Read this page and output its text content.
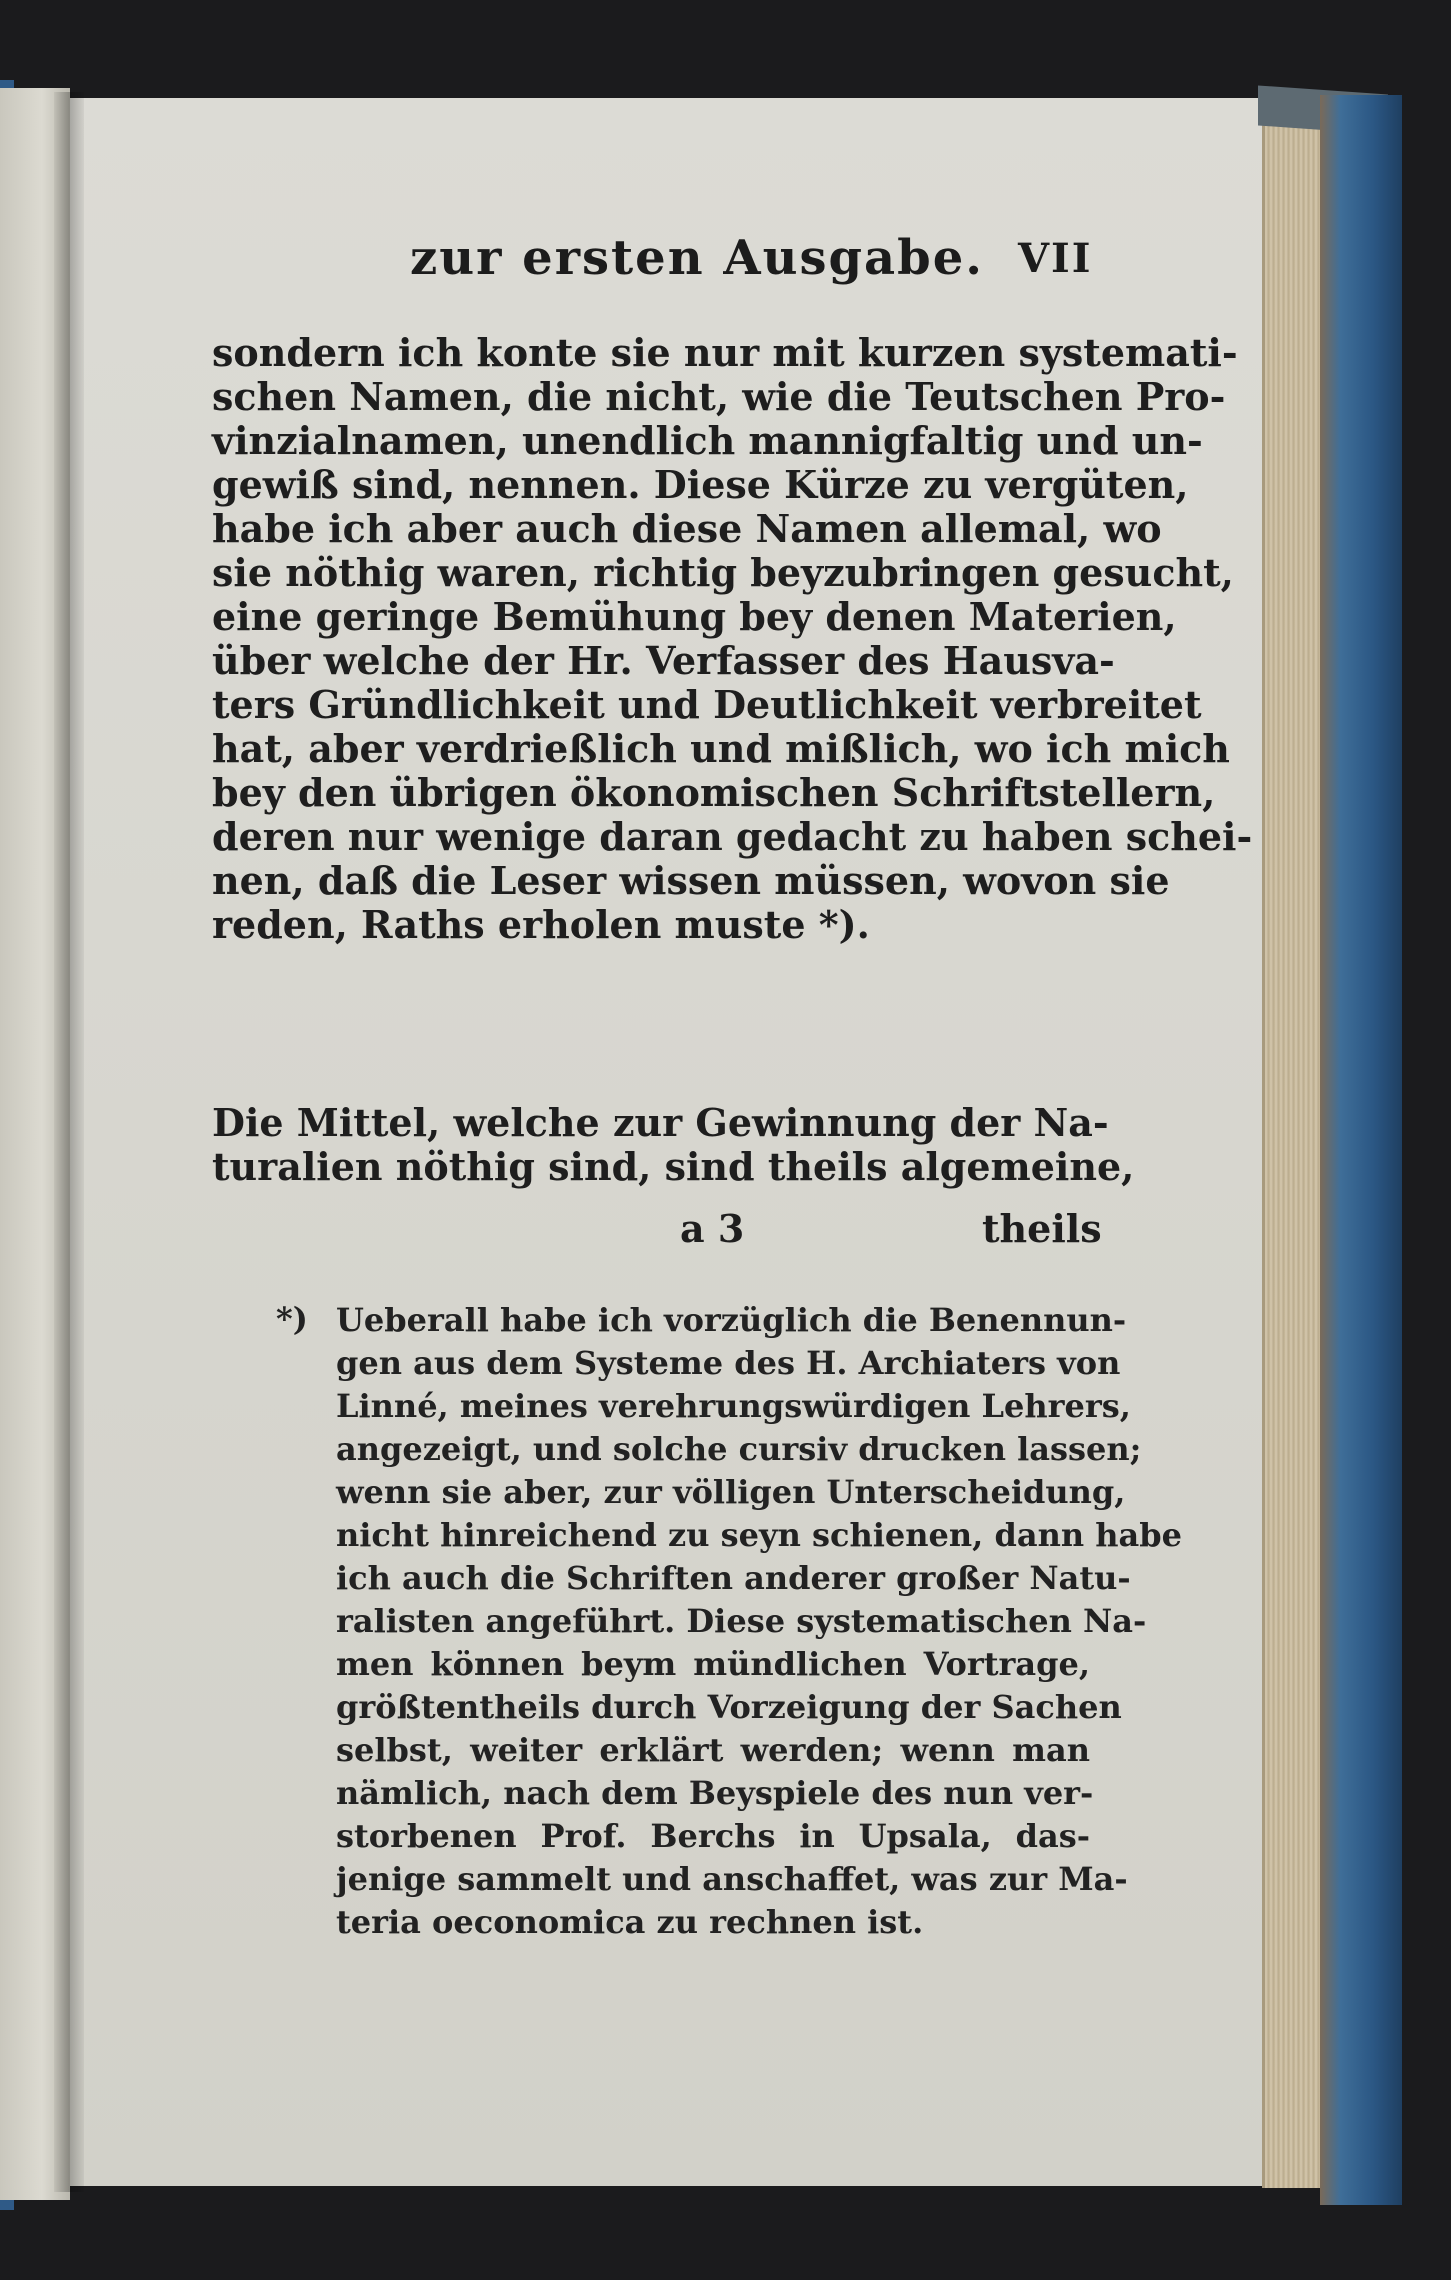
zur ersten Ausgabe. VII
sondern ich konte sie nur mit kurzen systemati-
schen Namen, die nicht, wie die Teutschen Pro-
vinzialnamen, unendlich mannigfaltig und un-
gewiß sind, nennen. Diese Kürze zu vergüten,
habe ich aber auch diese Namen allemal, wo
sie nöthig waren, richtig beyzubringen gesucht,
eine geringe Bemühung bey denen Materien,
über welche der Hr. Verfasser des Hausva-
ters Gründlichkeit und Deutlichkeit verbreitet
hat, aber verdrießlich und mißlich, wo ich mich
bey den übrigen ökonomischen Schriftstellern,
deren nur wenige daran gedacht zu haben schei-
nen, daß die Leser wissen müssen, wovon sie
reden, Raths erholen muste *).
Die Mittel, welche zur Gewinnung der Na-
turalien nöthig sind, sind theils algemeine,
a 3	theils
*) Ueberall habe ich vorzüglich die Benennun-
gen aus dem Systeme des H. Archiaters von
Linné, meines verehrungswürdigen Lehrers,
angezeigt, und solche cursiv drucken lassen;
wenn sie aber, zur völligen Unterscheidung,
nicht hinreichend zu seyn schienen, dann habe
ich auch die Schriften anderer großer Natu-
ralisten angeführt. Diese systematischen Na-
men können beym mündlichen Vortrage,
größtentheils durch Vorzeigung der Sachen
selbst, weiter erklärt werden; wenn man
nämlich, nach dem Beyspiele des nun ver-
storbenen Prof. Berchs in Upsala, das-
jenige sammelt und anschaffet, was zur Ma-
teria oeconomica zu rechnen ist.
